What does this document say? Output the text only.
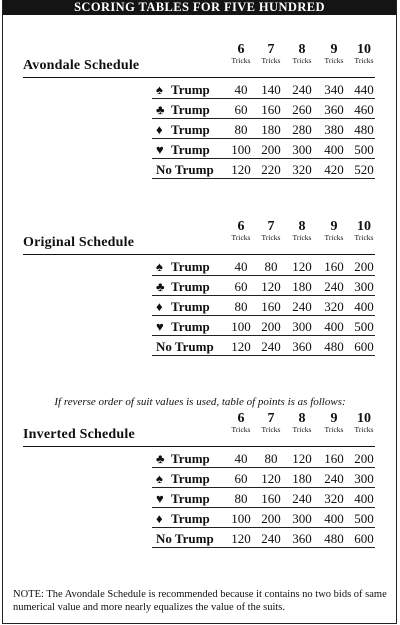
SCORING TABLES FOR FIVE HUNDRED
Avondale Schedule
6
Tricks
7
Tricks
8
Tricks
9
Tricks
10
Tricks
♠ Trump	40	140 240 340 440
♣ Trump	60	160 260 360 460
♦ Trump	80	180 280 380 480
♥ Trump	100 200 300 400 500
No Trump	120 220 320 420 520
Original Schedule
6
Tricks
7
Tricks
8
Tricks
9
Tricks
10
Tricks
♠ Trump	40	80	120 160 200
♣ Trump	60	120 180 240 300
♦ Trump	80	160 240 320 400
♥ Trump	100 200 300 400 500
No Trump	120 240 360 480 600
If reverse order of suit values is used, table of points is as follows:
Inverted Schedule
6
Tricks
7
Tricks
8
Tricks
9
Tricks
10
Tricks
♣ Trump	40	80	120 160 200
♠ Trump	60	120 180 240 300
♥ Trump	80	160 240 320 400
♦ Trump	100 200 300 400 500
No Trump	120 240 360 480 600
NOTE: The Avondale Schedule is recommended because it contains no two bids of same numerical value and more nearly equalizes the value of the suits.
